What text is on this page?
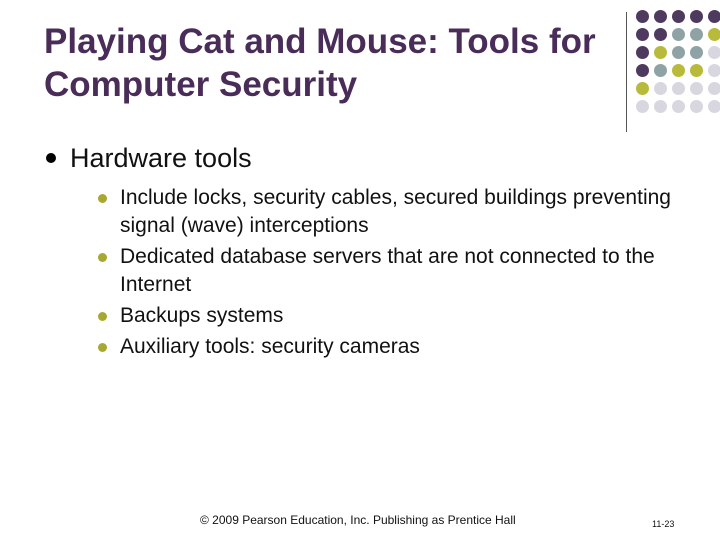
Playing Cat and Mouse: Tools for Computer Security
Hardware tools
Include locks, security cables, secured buildings preventing signal (wave) interceptions
Dedicated database servers that are not connected to the Internet
Backups systems
Auxiliary tools: security cameras
© 2009 Pearson Education, Inc. Publishing as Prentice Hall	11-23
